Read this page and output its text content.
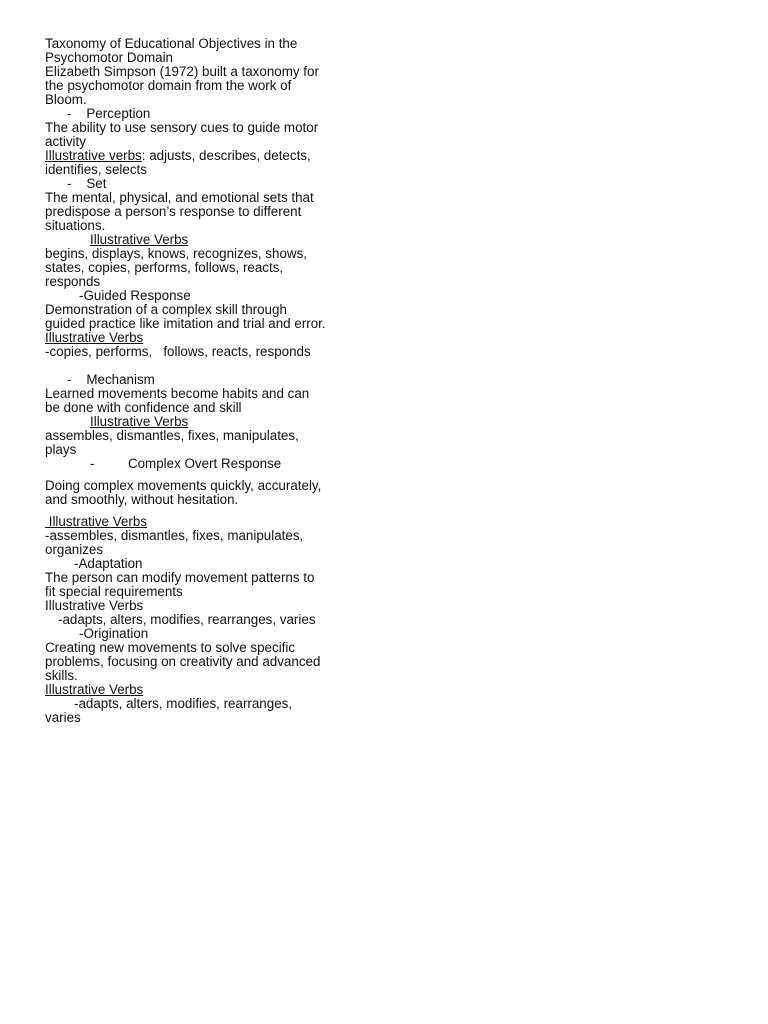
Taxonomy of Educational Objectives in the
Psychomotor Domain
Elizabeth Simpson (1972) built a taxonomy for
the psychomotor domain from the work of
Bloom.
-    Perception
The ability to use sensory cues to guide motor
activity
Illustrative verbs: adjusts, describes, detects,
identifies, selects
-    Set
The mental, physical, and emotional sets that
predispose a person’s response to different
situations.
Illustrative Verbs
begins, displays, knows, recognizes, shows,
states, copies, performs, follows, reacts,
responds
-Guided Response
Demonstration of a complex skill through
guided practice like imitation and trial and error.
Illustrative Verbs
-copies, performs,   follows, reacts, responds
-    Mechanism
Learned movements become habits and can
be done with confidence and skill
Illustrative Verbs
assembles, dismantles, fixes, manipulates,
plays
-         Complex Overt Response
Doing complex movements quickly, accurately,
and smoothly, without hesitation.
Illustrative Verbs
-assembles, dismantles, fixes, manipulates,
organizes
-Adaptation
The person can modify movement patterns to
fit special requirements
Illustrative Verbs
-adapts, alters, modifies, rearranges, varies
-Origination
Creating new movements to solve specific
problems, focusing on creativity and advanced
skills.
Illustrative Verbs
-adapts, alters, modifies, rearranges,
varies
